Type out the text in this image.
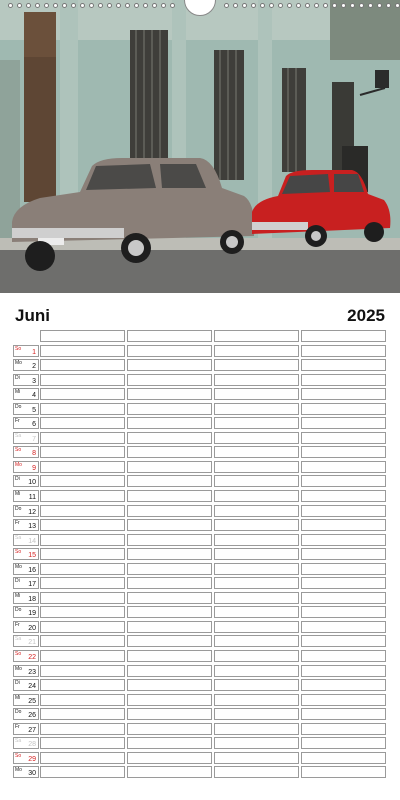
Juni	2025
So 1
Mo 2
Di 3
Mi 4
Do 5
Fr 6
Sa 7
So 8
Mo 9
Di 10
Mi 11
Do 12
Fr 13
Sa 14
So 15
Mo 16
Di 17
Mi 18
Do 19
Fr 20
Sa 21
So 22
Mo 23
Di 24
Mi 25
Do 26
Fr 27
Sa 28
So 29
Mo 30
